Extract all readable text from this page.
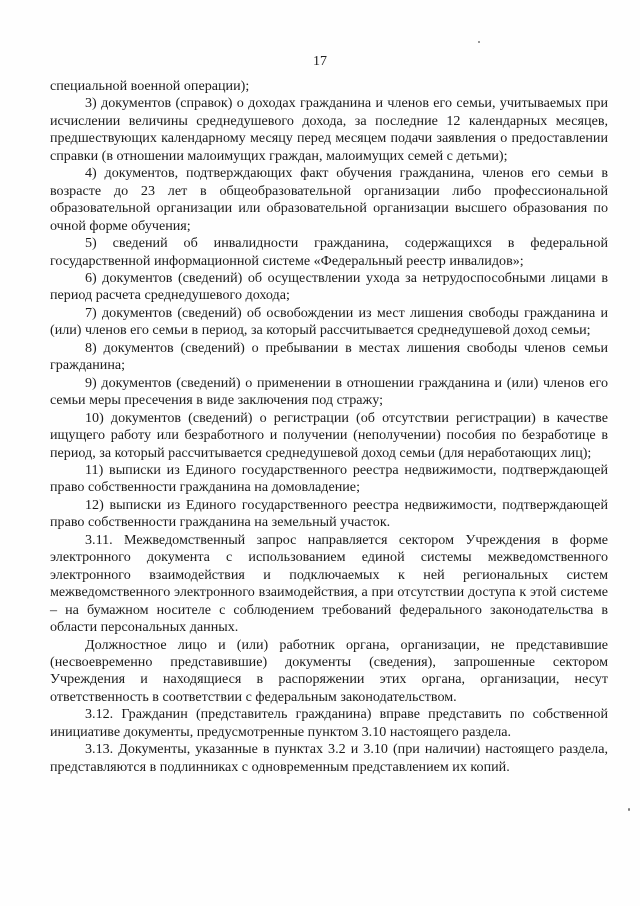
17

специальной военной операции);

3) документов (справок) о доходах гражданина и членов его семьи, учитываемых при исчислении величины среднедушевого дохода, за последние 12 календарных месяцев, предшествующих календарному месяцу перед месяцем подачи заявления о предоставлении справки (в отношении малоимущих граждан, малоимущих семей с детьми);

4) документов, подтверждающих факт обучения гражданина, членов его семьи в возрасте до 23 лет в общеобразовательной организации либо профессиональной образовательной организации или образовательной организации высшего образования по очной форме обучения;

5) сведений об инвалидности гражданина, содержащихся в федеральной государственной информационной системе «Федеральный реестр инвалидов»;

6) документов (сведений) об осуществлении ухода за нетрудоспособными лицами в период расчета среднедушевого дохода;

7) документов (сведений) об освобождении из мест лишения свободы гражданина и (или) членов его семьи в период, за который рассчитывается среднедушевой доход семьи;

8) документов (сведений) о пребывании в местах лишения свободы членов семьи гражданина;

9) документов (сведений) о применении в отношении гражданина и (или) членов его семьи меры пресечения в виде заключения под стражу;

10) документов (сведений) о регистрации (об отсутствии регистрации) в качестве ищущего работу или безработного и получении (неполучении) пособия по безработице в период, за который рассчитывается среднедушевой доход семьи (для неработающих лиц);

11) выписки из Единого государственного реестра недвижимости, подтверждающей право собственности гражданина на домовладение;

12) выписки из Единого государственного реестра недвижимости, подтверждающей право собственности гражданина на земельный участок.

3.11. Межведомственный запрос направляется сектором Учреждения в форме электронного документа с использованием единой системы межведомственного электронного взаимодействия и подключаемых к ней региональных систем межведомственного электронного взаимодействия, а при отсутствии доступа к этой системе – на бумажном носителе с соблюдением требований федерального законодательства в области персональных данных.

Должностное лицо и (или) работник органа, организации, не представившие (несвоевременно представившие) документы (сведения), запрошенные сектором Учреждения и находящиеся в распоряжении этих органа, организации, несут ответственность в соответствии с федеральным законодательством.

3.12. Гражданин (представитель гражданина) вправе представить по собственной инициативе документы, предусмотренные пунктом 3.10 настоящего раздела.

3.13. Документы, указанные в пунктах 3.2 и 3.10 (при наличии) настоящего раздела, представляются в подлинниках с одновременным представлением их копий.
